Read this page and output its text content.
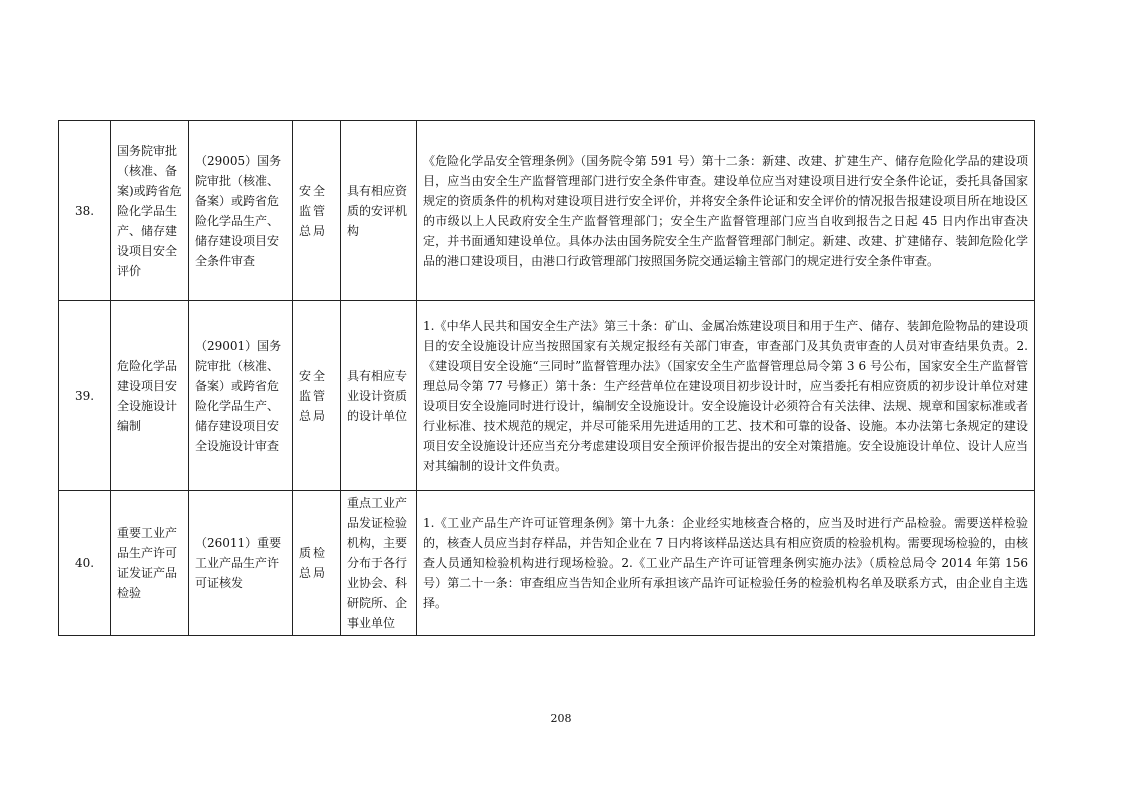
38.	国务院审批（核准、备案)或跨省危险化学品生产、储存建设项目安全评价	（29005）国务院审批（核准、备案）或跨省危险化学品生产、储存建设项目安全条件审查	安全监管总局	具有相应资质的安评机构	《危险化学品安全管理条例》（国务院令第 591 号）第十二条：新建、改建、扩建生产、储存危险化学品的建设项目，应当由安全生产监督管理部门进行安全条件审查。建设单位应当对建设项目进行安全条件论证，委托具备国家规定的资质条件的机构对建设项目进行安全评价，并将安全条件论证和安全评价的情况报告报建设项目所在地设区的市级以上人民政府安全生产监督管理部门；安全生产监督管理部门应当自收到报告之日起 45 日内作出审查决定，并书面通知建设单位。具体办法由国务院安全生产监督管理部门制定。新建、改建、扩建储存、装卸危险化学品的港口建设项目，由港口行政管理部门按照国务院交通运输主管部门的规定进行安全条件审查。
39.	危险化学品建设项目安全设施设计编制	（29001）国务院审批（核准、备案）或跨省危险化学品生产、储存建设项目安全设施设计审查	安全监管总局	具有相应专业设计资质的设计单位	1.《中华人民共和国安全生产法》第三十条：矿山、金属冶炼建设项目和用于生产、储存、装卸危险物品的建设项目的安全设施设计应当按照国家有关规定报经有关部门审查，审查部门及其负责审查的人员对审查结果负责。2.《建设项目安全设施“三同时”监督管理办法》（国家安全生产监督管理总局令第 3 6 号公布，国家安全生产监督管理总局令第 77 号修正）第十条：生产经营单位在建设项目初步设计时，应当委托有相应资质的初步设计单位对建设项目安全设施同时进行设计，编制安全设施设计。安全设施设计必须符合有关法律、法规、规章和国家标准或者行业标准、技术规范的规定，并尽可能采用先进适用的工艺、技术和可靠的设备、设施。本办法第七条规定的建设项目安全设施设计还应当充分考虑建设项目安全预评价报告提出的安全对策措施。安全设施设计单位、设计人应当对其编制的设计文件负责。
40.	重要工业产品生产许可证发证产品检验	（26011）重要工业产品生产许可证核发	质检总局	重点工业产品发证检验机构，主要分布于各行业协会、科研院所、企事业单位	1.《工业产品生产许可证管理条例》第十九条：企业经实地核查合格的，应当及时进行产品检验。需要送样检验的，核查人员应当封存样品，并告知企业在 7 日内将该样品送达具有相应资质的检验机构。需要现场检验的，由核查人员通知检验机构进行现场检验。2.《工业产品生产许可证管理条例实施办法》（质检总局令 2014 年第 156 号）第二十一条：审查组应当告知企业所有承担该产品许可证检验任务的检验机构名单及联系方式，由企业自主选择。
208
